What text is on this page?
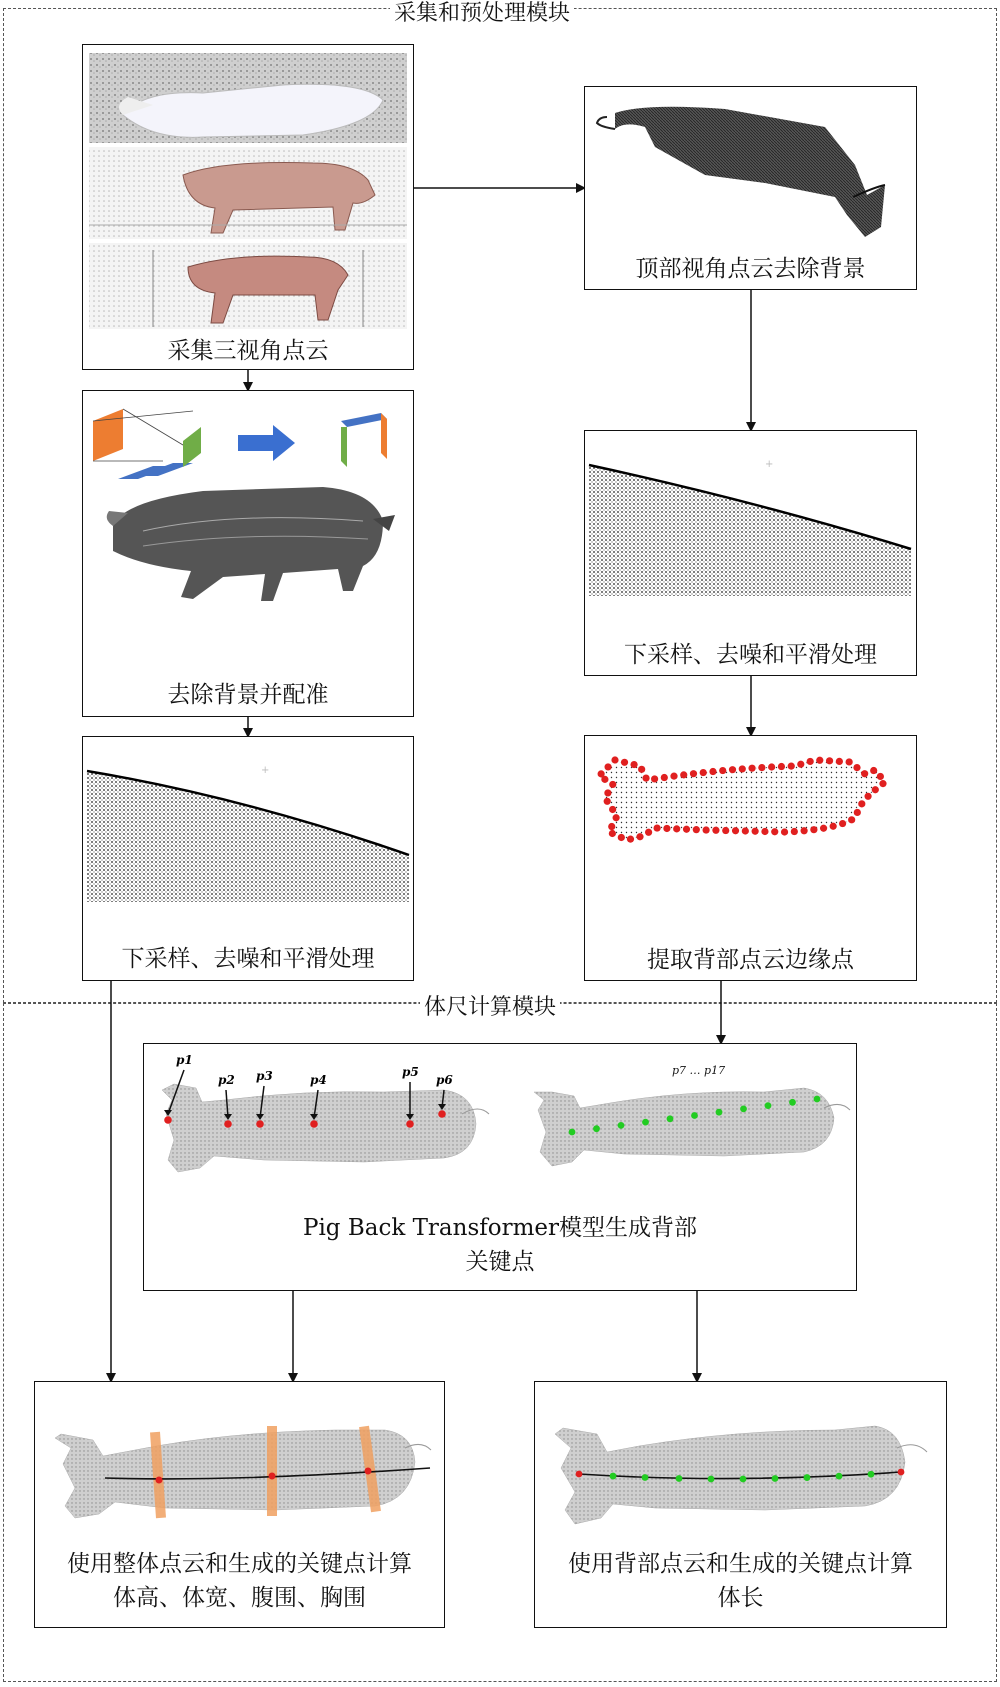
采集和预处理模块
体尺计算模块
采集三视角点云
去除背景并配准
+
下采样、去噪和平滑处理
顶部视角点云去除背景
+
下采样、去噪和平滑处理
提取背部点云边缘点
p1
p2 p3	p4
p5
p6
p7 … p17
Pig Back Transformer模型生成背部
关键点
使用整体点云和生成的关键点计算
体高、体宽、腹围、胸围
使用背部点云和生成的关键点计算
体长
